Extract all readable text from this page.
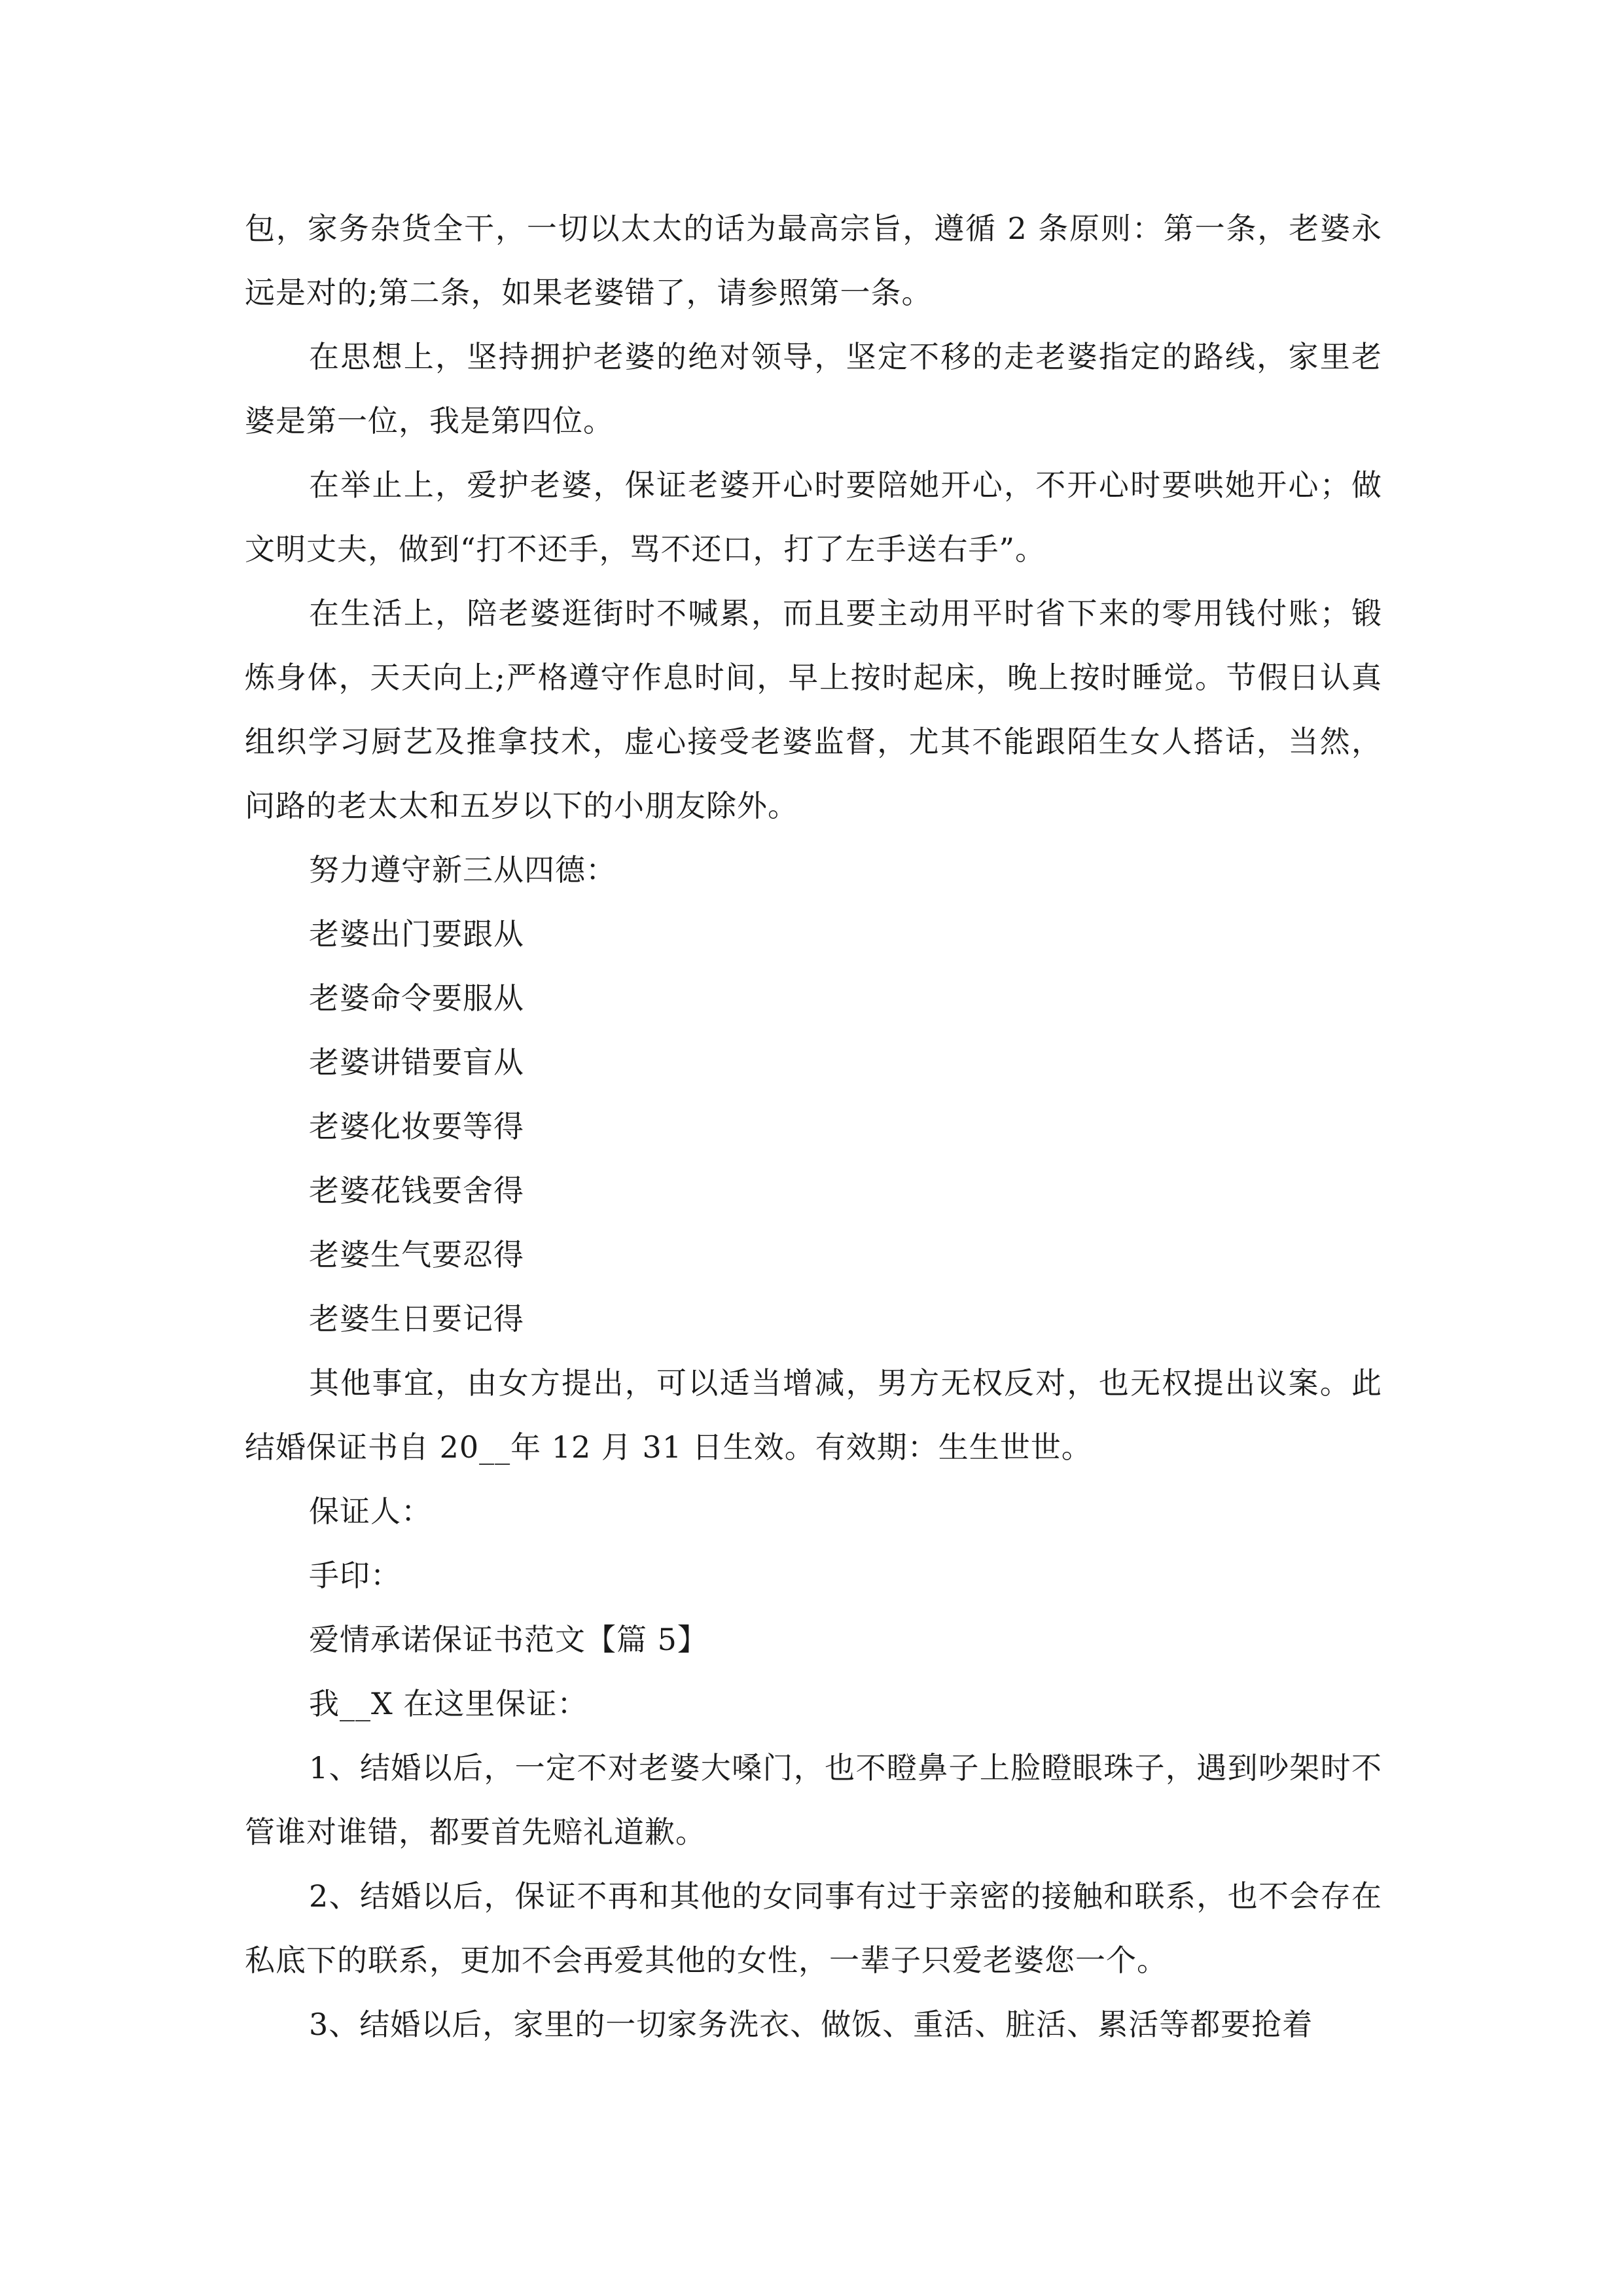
包，家务杂货全干，一切以太太的话为最高宗旨，遵循 2 条原则：第一条，老婆永远是对的;第二条，如果老婆错了，请参照第一条。

在思想上，坚持拥护老婆的绝对领导，坚定不移的走老婆指定的路线，家里老婆是第一位，我是第四位。

在举止上，爱护老婆，保证老婆开心时要陪她开心，不开心时要哄她开心；做文明丈夫，做到“打不还手，骂不还口，打了左手送右手”。

在生活上，陪老婆逛街时不喊累，而且要主动用平时省下来的零用钱付账；锻炼身体，天天向上;严格遵守作息时间，早上按时起床，晚上按时睡觉。节假日认真组织学习厨艺及推拿技术，虚心接受老婆监督，尤其不能跟陌生女人搭话，当然，问路的老太太和五岁以下的小朋友除外。

努力遵守新三从四德：

老婆出门要跟从

老婆命令要服从

老婆讲错要盲从

老婆化妆要等得

老婆花钱要舍得

老婆生气要忍得

老婆生日要记得

其他事宜，由女方提出，可以适当增减，男方无权反对，也无权提出议案。此结婚保证书自 20__年 12 月 31 日生效。有效期：生生世世。

保证人：

手印：

爱情承诺保证书范文【篇 5】

我__X 在这里保证：

1、结婚以后，一定不对老婆大嗓门，也不瞪鼻子上脸瞪眼珠子，遇到吵架时不管谁对谁错，都要首先赔礼道歉。

2、结婚以后，保证不再和其他的女同事有过于亲密的接触和联系，也不会存在私底下的联系，更加不会再爱其他的女性，一辈子只爱老婆您一个。

3、结婚以后，家里的一切家务洗衣、做饭、重活、脏活、累活等都要抢着
